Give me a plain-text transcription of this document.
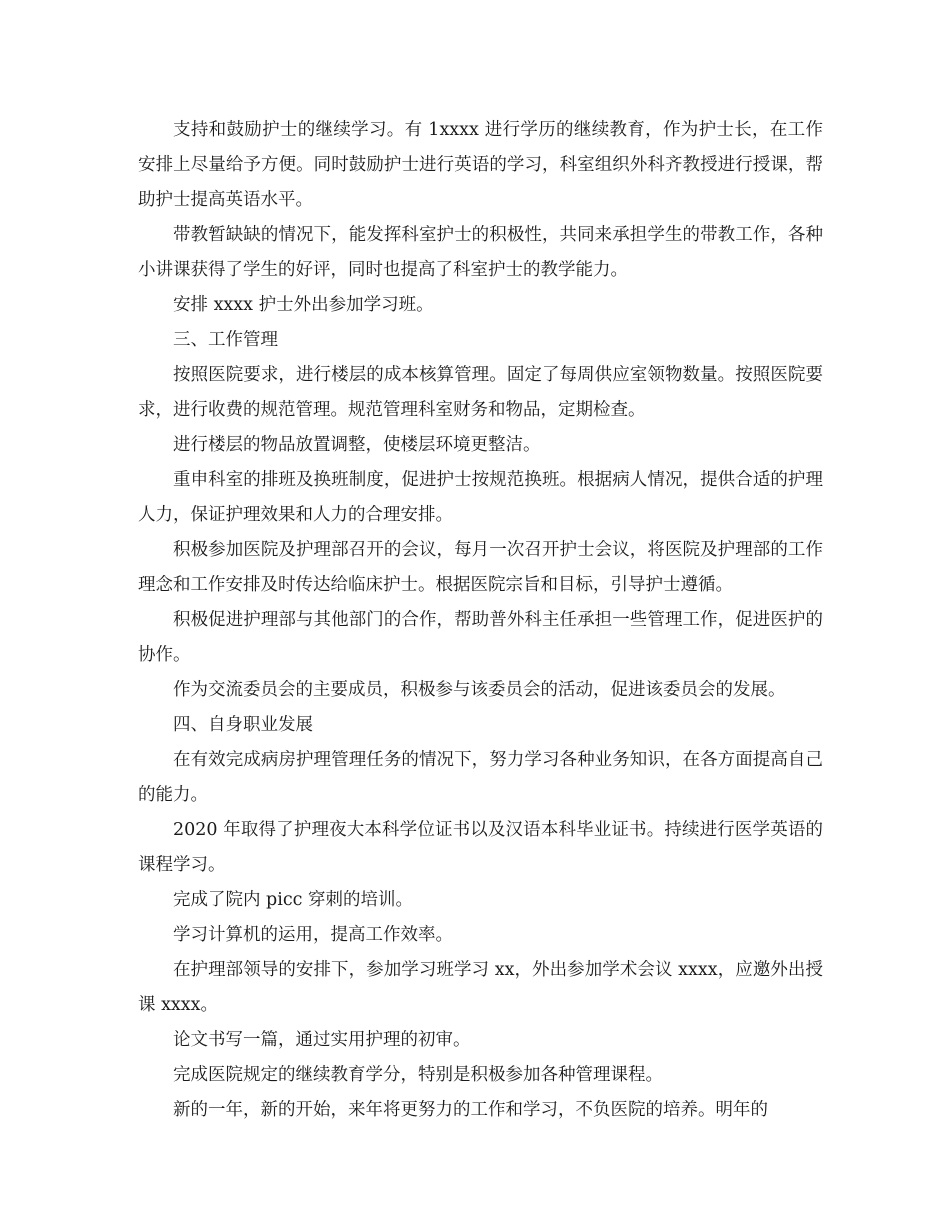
支持和鼓励护士的继续学习。有 1xxxx 进行学历的继续教育，作为护士长，在工作安排上尽量给予方便。同时鼓励护士进行英语的学习，科室组织外科齐教授进行授课，帮助护士提高英语水平。

带教暂缺缺的情况下，能发挥科室护士的积极性，共同来承担学生的带教工作，各种小讲课获得了学生的好评，同时也提高了科室护士的教学能力。

安排 xxxx 护士外出参加学习班。

三、工作管理

按照医院要求，进行楼层的成本核算管理。固定了每周供应室领物数量。按照医院要求，进行收费的规范管理。规范管理科室财务和物品，定期检查。

进行楼层的物品放置调整，使楼层环境更整洁。

重申科室的排班及换班制度，促进护士按规范换班。根据病人情况，提供合适的护理人力，保证护理效果和人力的合理安排。

积极参加医院及护理部召开的会议，每月一次召开护士会议，将医院及护理部的工作理念和工作安排及时传达给临床护士。根据医院宗旨和目标，引导护士遵循。

积极促进护理部与其他部门的合作，帮助普外科主任承担一些管理工作，促进医护的协作。

作为交流委员会的主要成员，积极参与该委员会的活动，促进该委员会的发展。

四、自身职业发展

在有效完成病房护理管理任务的情况下，努力学习各种业务知识，在各方面提高自己的能力。

2020 年取得了护理夜大本科学位证书以及汉语本科毕业证书。持续进行医学英语的课程学习。

完成了院内 picc 穿刺的培训。

学习计算机的运用，提高工作效率。

在护理部领导的安排下，参加学习班学习 xx，外出参加学术会议 xxxx，应邀外出授课 xxxx。

论文书写一篇，通过实用护理的初审。

完成医院规定的继续教育学分，特别是积极参加各种管理课程。

新的一年，新的开始，来年将更努力的工作和学习，不负医院的培养。明年的
